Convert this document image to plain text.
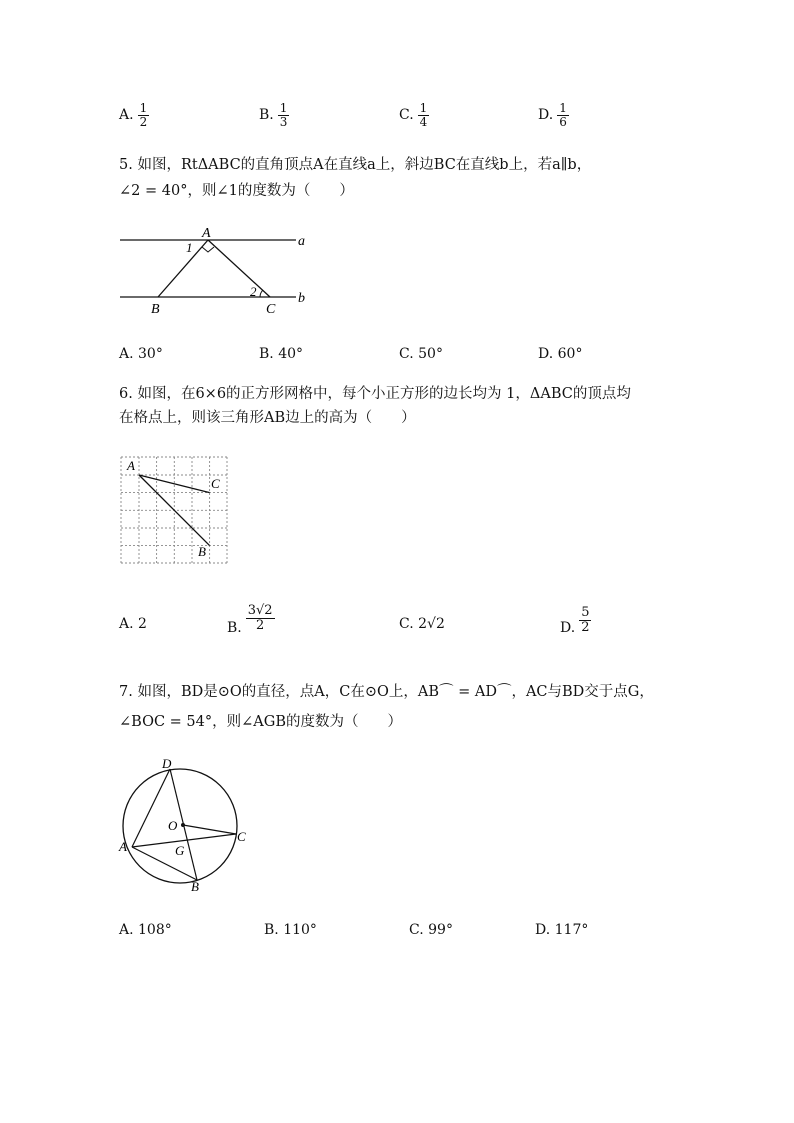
A. $\frac{1}{2}$	B. $\frac{1}{3}$	C. $\frac{1}{4}$	D. $\frac{1}{6}$
5. 如图，RtΔABC的直角顶点A在直线a上，斜边BC在直线b上，若a∥b，
∠2 = 40°，则∠1的度数为（　　）
A
1	a
b
2
B	C
A. 30°	B. 40°	C. 50°	D. 60°
6. 如图，在6×6的正方形网格中，每个小正方形的边长均为 1，ΔABC的顶点均
在格点上，则该三角形AB边上的高为（　　）
A
C
B
A. 2	B. $\frac{3√2}{2}$	C. 2√2	D. $\frac{5}{2}$
7. 如图，BD是⊙O的直径，点A，C在⊙O上，AB⌒ = AD⌒，AC与BD交于点G，
∠BOC = 54°，则∠AGB的度数为（　　）
D
O
C
A	G
B
A. 108°	B. 110°	C. 99°	D. 117°
